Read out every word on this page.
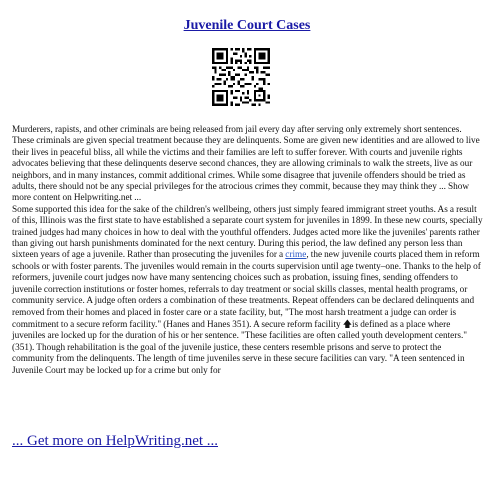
Juvenile Court Cases

Murderers, rapists, and other criminals are being released from jail every day after serving only extremely short sentences. These criminals are given special treatment because they are delinquents. Some are given new identities and are allowed to live their lives in peaceful bliss, all while the victims and their families are left to suffer forever. With courts and juvenile rights advocates believing that these delinquents deserve second chances, they are allowing criminals to walk the streets, live as our neighbors, and in many instances, commit additional crimes. While some disagree that juvenile offenders should be tried as adults, there should not be any special privileges for the atrocious crimes they commit, because they may think they ... Show more content on Helpwriting.net ...

Some supported this idea for the sake of the children's wellbeing, others just simply feared immigrant street youths. As a result of this, Illinois was the first state to have established a separate court system for juveniles in 1899. In these new courts, specially trained judges had many choices in how to deal with the youthful offenders. Judges acted more like the juveniles' parents rather than giving out harsh punishments dominated for the next century. During this period, the law defined any person less than sixteen years of age a juvenile. Rather than prosecuting the juveniles for a crime, the new juvenile courts placed them in reform schools or with foster parents. The juveniles would remain in the courts supervision until age twenty–one. Thanks to the help of reformers, juvenile court judges now have many sentencing choices such as probation, issuing fines, sending offenders to juvenile correction institutions or foster homes, referrals to day treatment or social skills classes, mental health programs, or community service. A judge often orders a combination of these treatments. Repeat offenders can be declared delinquents and removed from their homes and placed in foster care or a state facility, but, "The most harsh treatment a judge can order is commitment to a secure reform facility." (Hanes and Hanes 351). A secure reform facility 🡅is defined as a place where juveniles are locked up for the duration of his or her sentence. "These facilities are often called youth development centers." (351). Though rehabilitation is the goal of the juvenile justice, these centers resemble prisons and serve to protect the community from the delinquents. The length of time juveniles serve in these secure facilities can vary. "A teen sentenced in Juvenile Court may be locked up for a crime but only for

... Get more on HelpWriting.net ...
